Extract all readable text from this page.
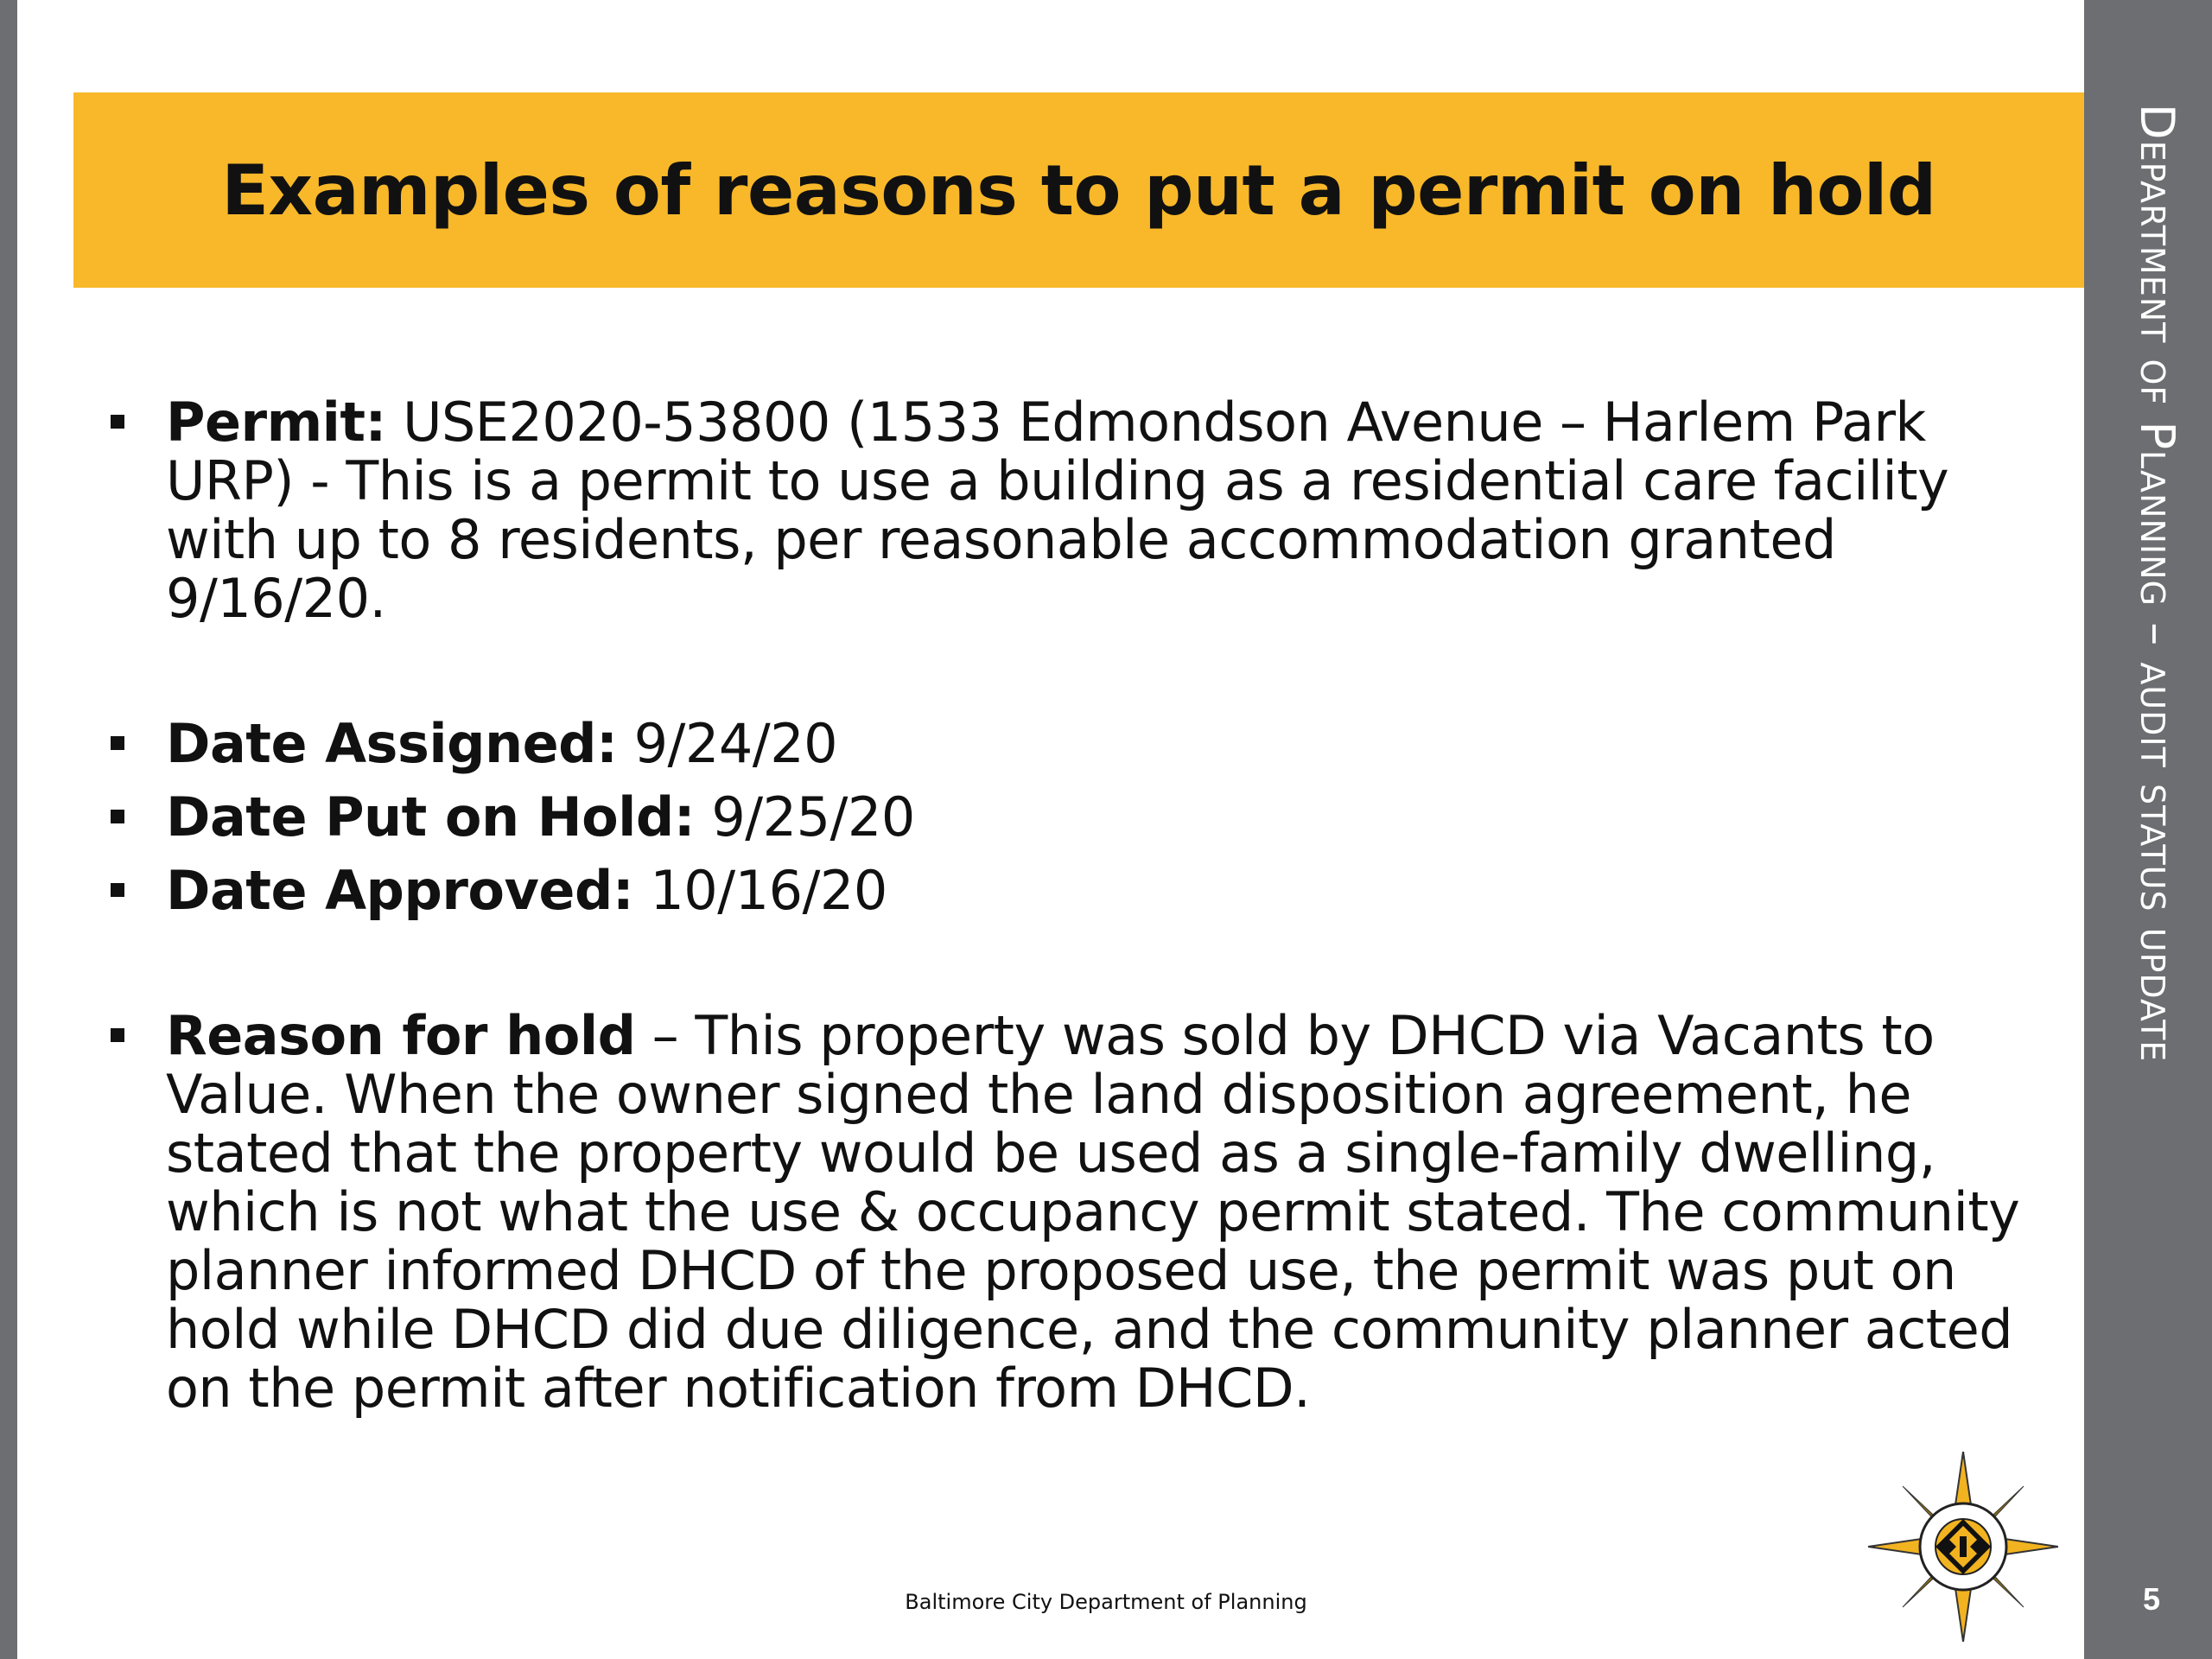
Examples of reasons to put a permit on hold	Department of Planning – audit status update
5
Permit: USE2020-53800 (1533 Edmondson Avenue – Harlem Park URP) - This is a permit to use a building as a residential care facility with up to 8 residents, per reasonable accommodation granted 9/16/20.
Date Assigned: 9/24/20
Date Put on Hold: 9/25/20
Date Approved: 10/16/20
Reason for hold – This property was sold by DHCD via Vacants to Value. When the owner signed the land disposition agreement, he stated that the property would be used as a single-family dwelling, which is not what the use & occupancy permit stated. The community planner informed DHCD of the proposed use, the permit was put on hold while DHCD did due diligence, and the community planner acted on the permit after notification from DHCD.
Baltimore City Department of Planning
